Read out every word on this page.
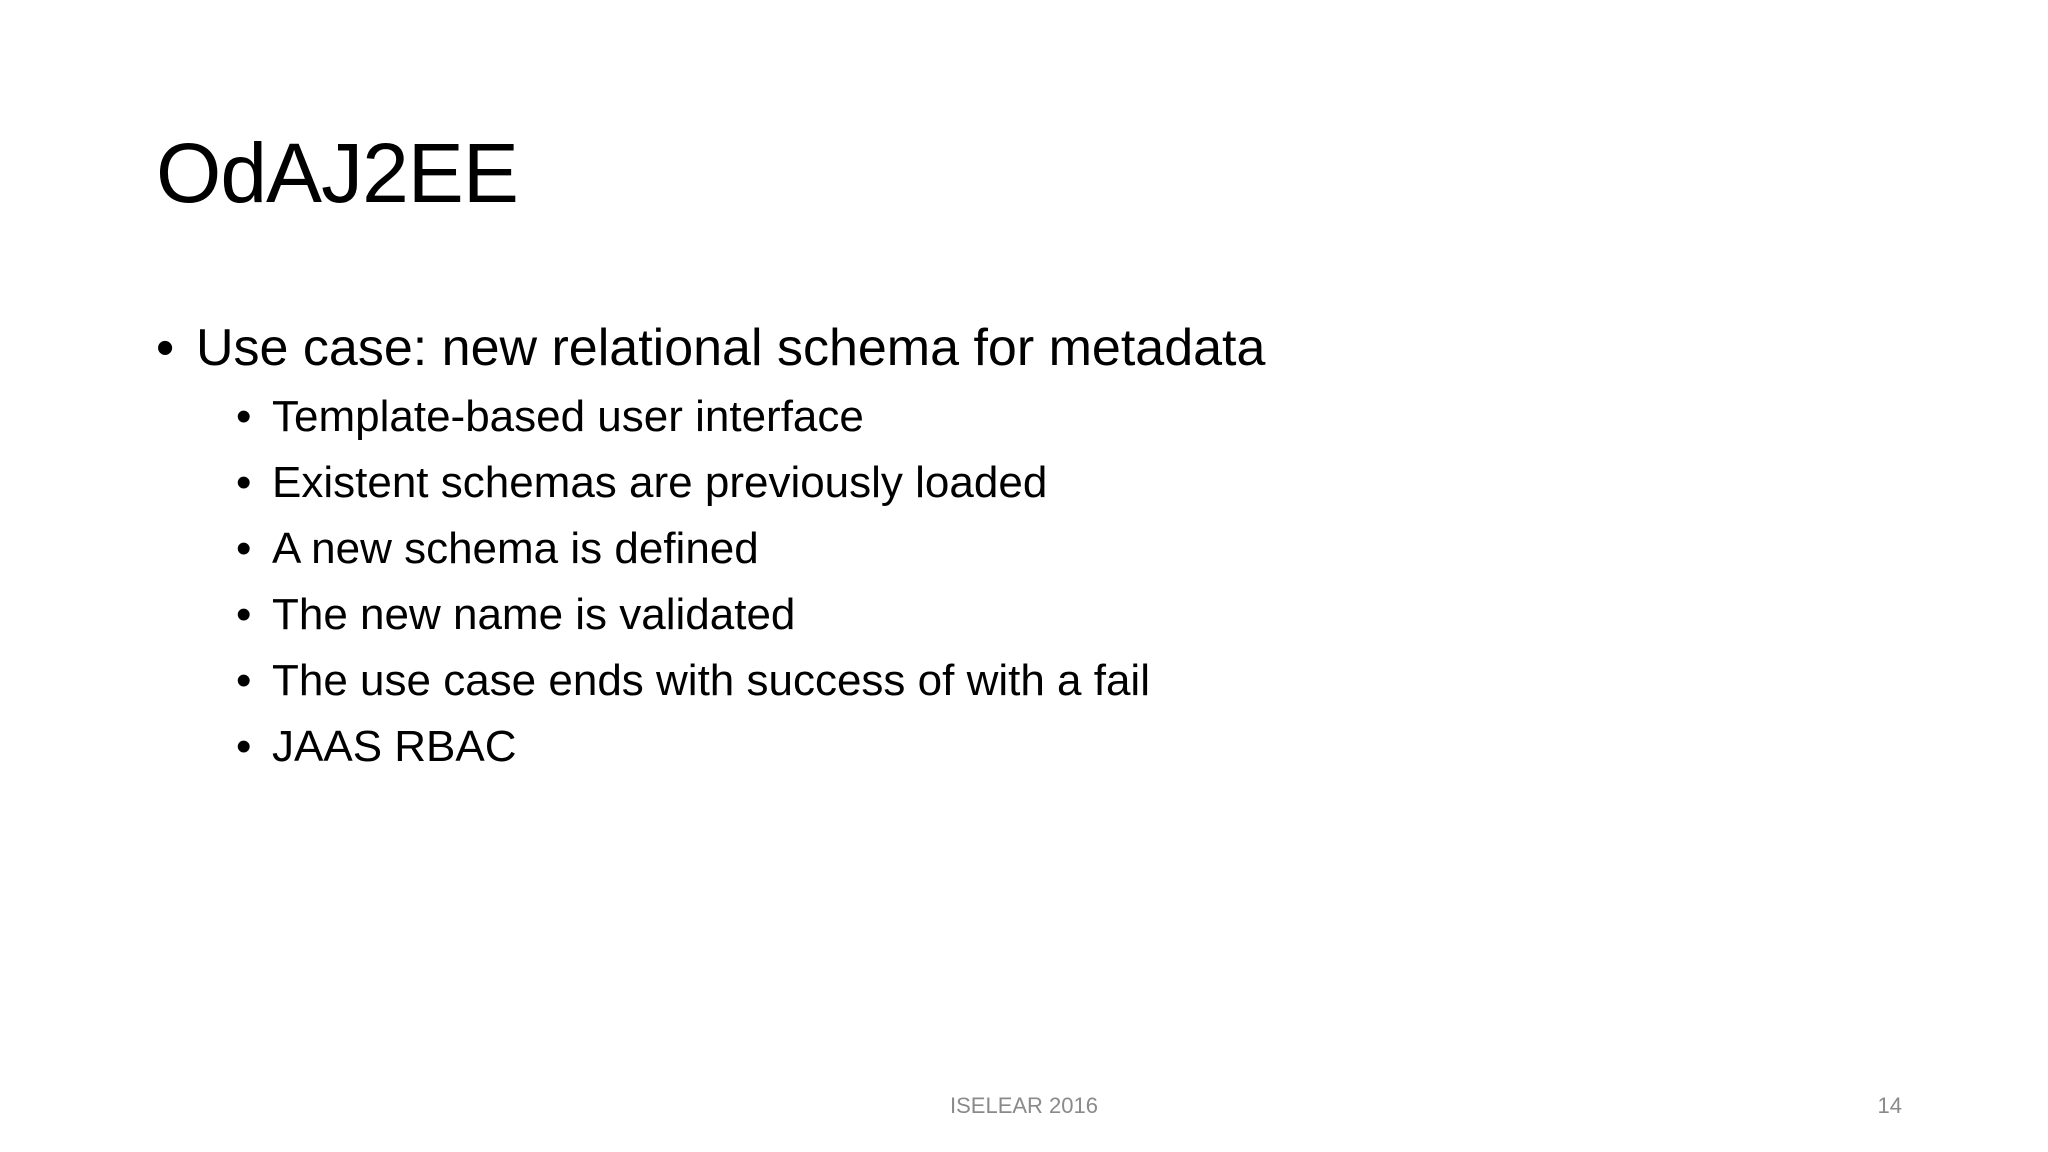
OdAJ2EE
• Use case: new relational schema for metadata
• Template-based user interface
• Existent schemas are previously loaded
• A new schema is defined
• The new name is validated
• The use case ends with success of with a fail
• JAAS RBAC
ISELEAR 2016	14
